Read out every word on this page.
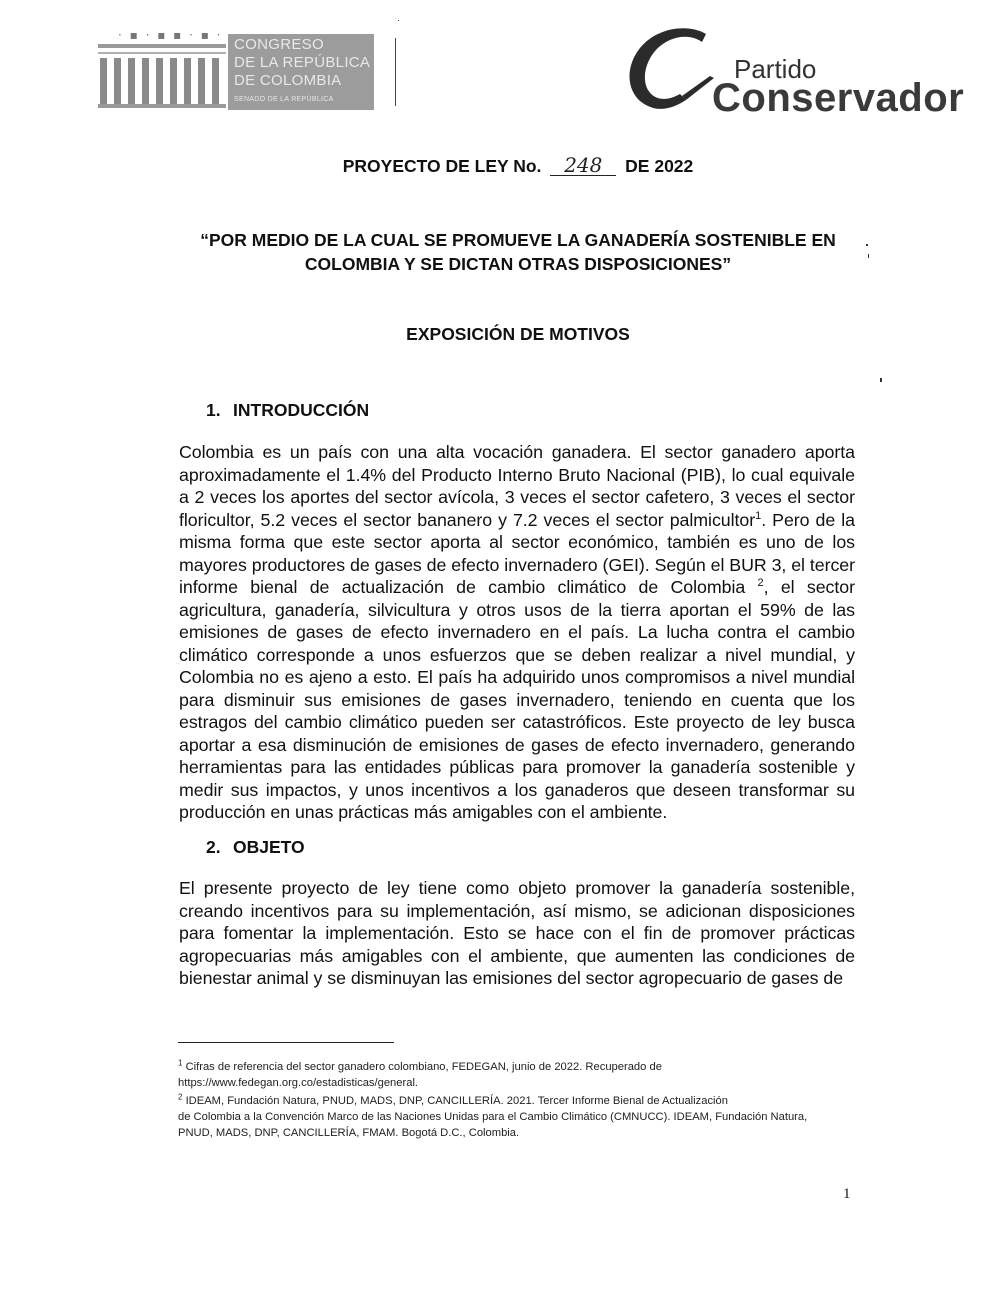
· ▪ · ▪ ▪ · ▪ ·
CONGRESO
DE LA REPÚBLICA
DE COLOMBIA
SENADO DE LA REPÚBLICA
Partido
Conservador
PROYECTO DE LEY No. 248 DE 2022
“POR MEDIO DE LA CUAL SE PROMUEVE LA GANADERÍA SOSTENIBLE EN
COLOMBIA Y SE DICTAN OTRAS DISPOSICIONES”
EXPOSICIÓN DE MOTIVOS
1. INTRODUCCIÓN
Colombia es un país con una alta vocación ganadera. El sector ganadero aporta aproximadamente el 1.4% del Producto Interno Bruto Nacional (PIB), lo cual equivale a 2 veces los aportes del sector avícola, 3 veces el sector cafetero, 3 veces el sector floricultor, 5.2 veces el sector bananero y 7.2 veces el sector palmicultor$^1$. Pero de la misma forma que este sector aporta al sector económico, también es uno de los mayores productores de gases de efecto invernadero (GEI). Según el BUR 3, el tercer informe bienal de actualización de cambio climático de Colombia $^2$, el sector agricultura, ganadería, silvicultura y otros usos de la tierra aportan el 59% de las emisiones de gases de efecto invernadero en el país. La lucha contra el cambio climático corresponde a unos esfuerzos que se deben realizar a nivel mundial, y Colombia no es ajeno a esto. El país ha adquirido unos compromisos a nivel mundial para disminuir sus emisiones de gases invernadero, teniendo en cuenta que los estragos del cambio climático pueden ser catastróficos. Este proyecto de ley busca aportar a esa disminución de emisiones de gases de efecto invernadero, generando herramientas para las entidades públicas para promover la ganadería sostenible y medir sus impactos, y unos incentivos a los ganaderos que deseen transformar su producción en unas prácticas más amigables con el ambiente.
2. OBJETO
El presente proyecto de ley tiene como objeto promover la ganadería sostenible, creando incentivos para su implementación, así mismo, se adicionan disposiciones para fomentar la implementación. Esto se hace con el fin de promover prácticas agropecuarias más amigables con el ambiente, que aumenten las condiciones de bienestar animal y se disminuyan las emisiones del sector agropecuario de gases de
$^1$ Cifras de referencia del sector ganadero colombiano, FEDEGAN, junio de 2022. Recuperado de https://www.fedegan.org.co/estadisticas/general.
$^2$ IDEAM, Fundación Natura, PNUD, MADS, DNP, CANCILLERÍA. 2021. Tercer Informe Bienal de Actualización
de Colombia a la Convención Marco de las Naciones Unidas para el Cambio Climático (CMNUCC). IDEAM, Fundación Natura, PNUD, MADS, DNP, CANCILLERÍA, FMAM. Bogotá D.C., Colombia.
1
